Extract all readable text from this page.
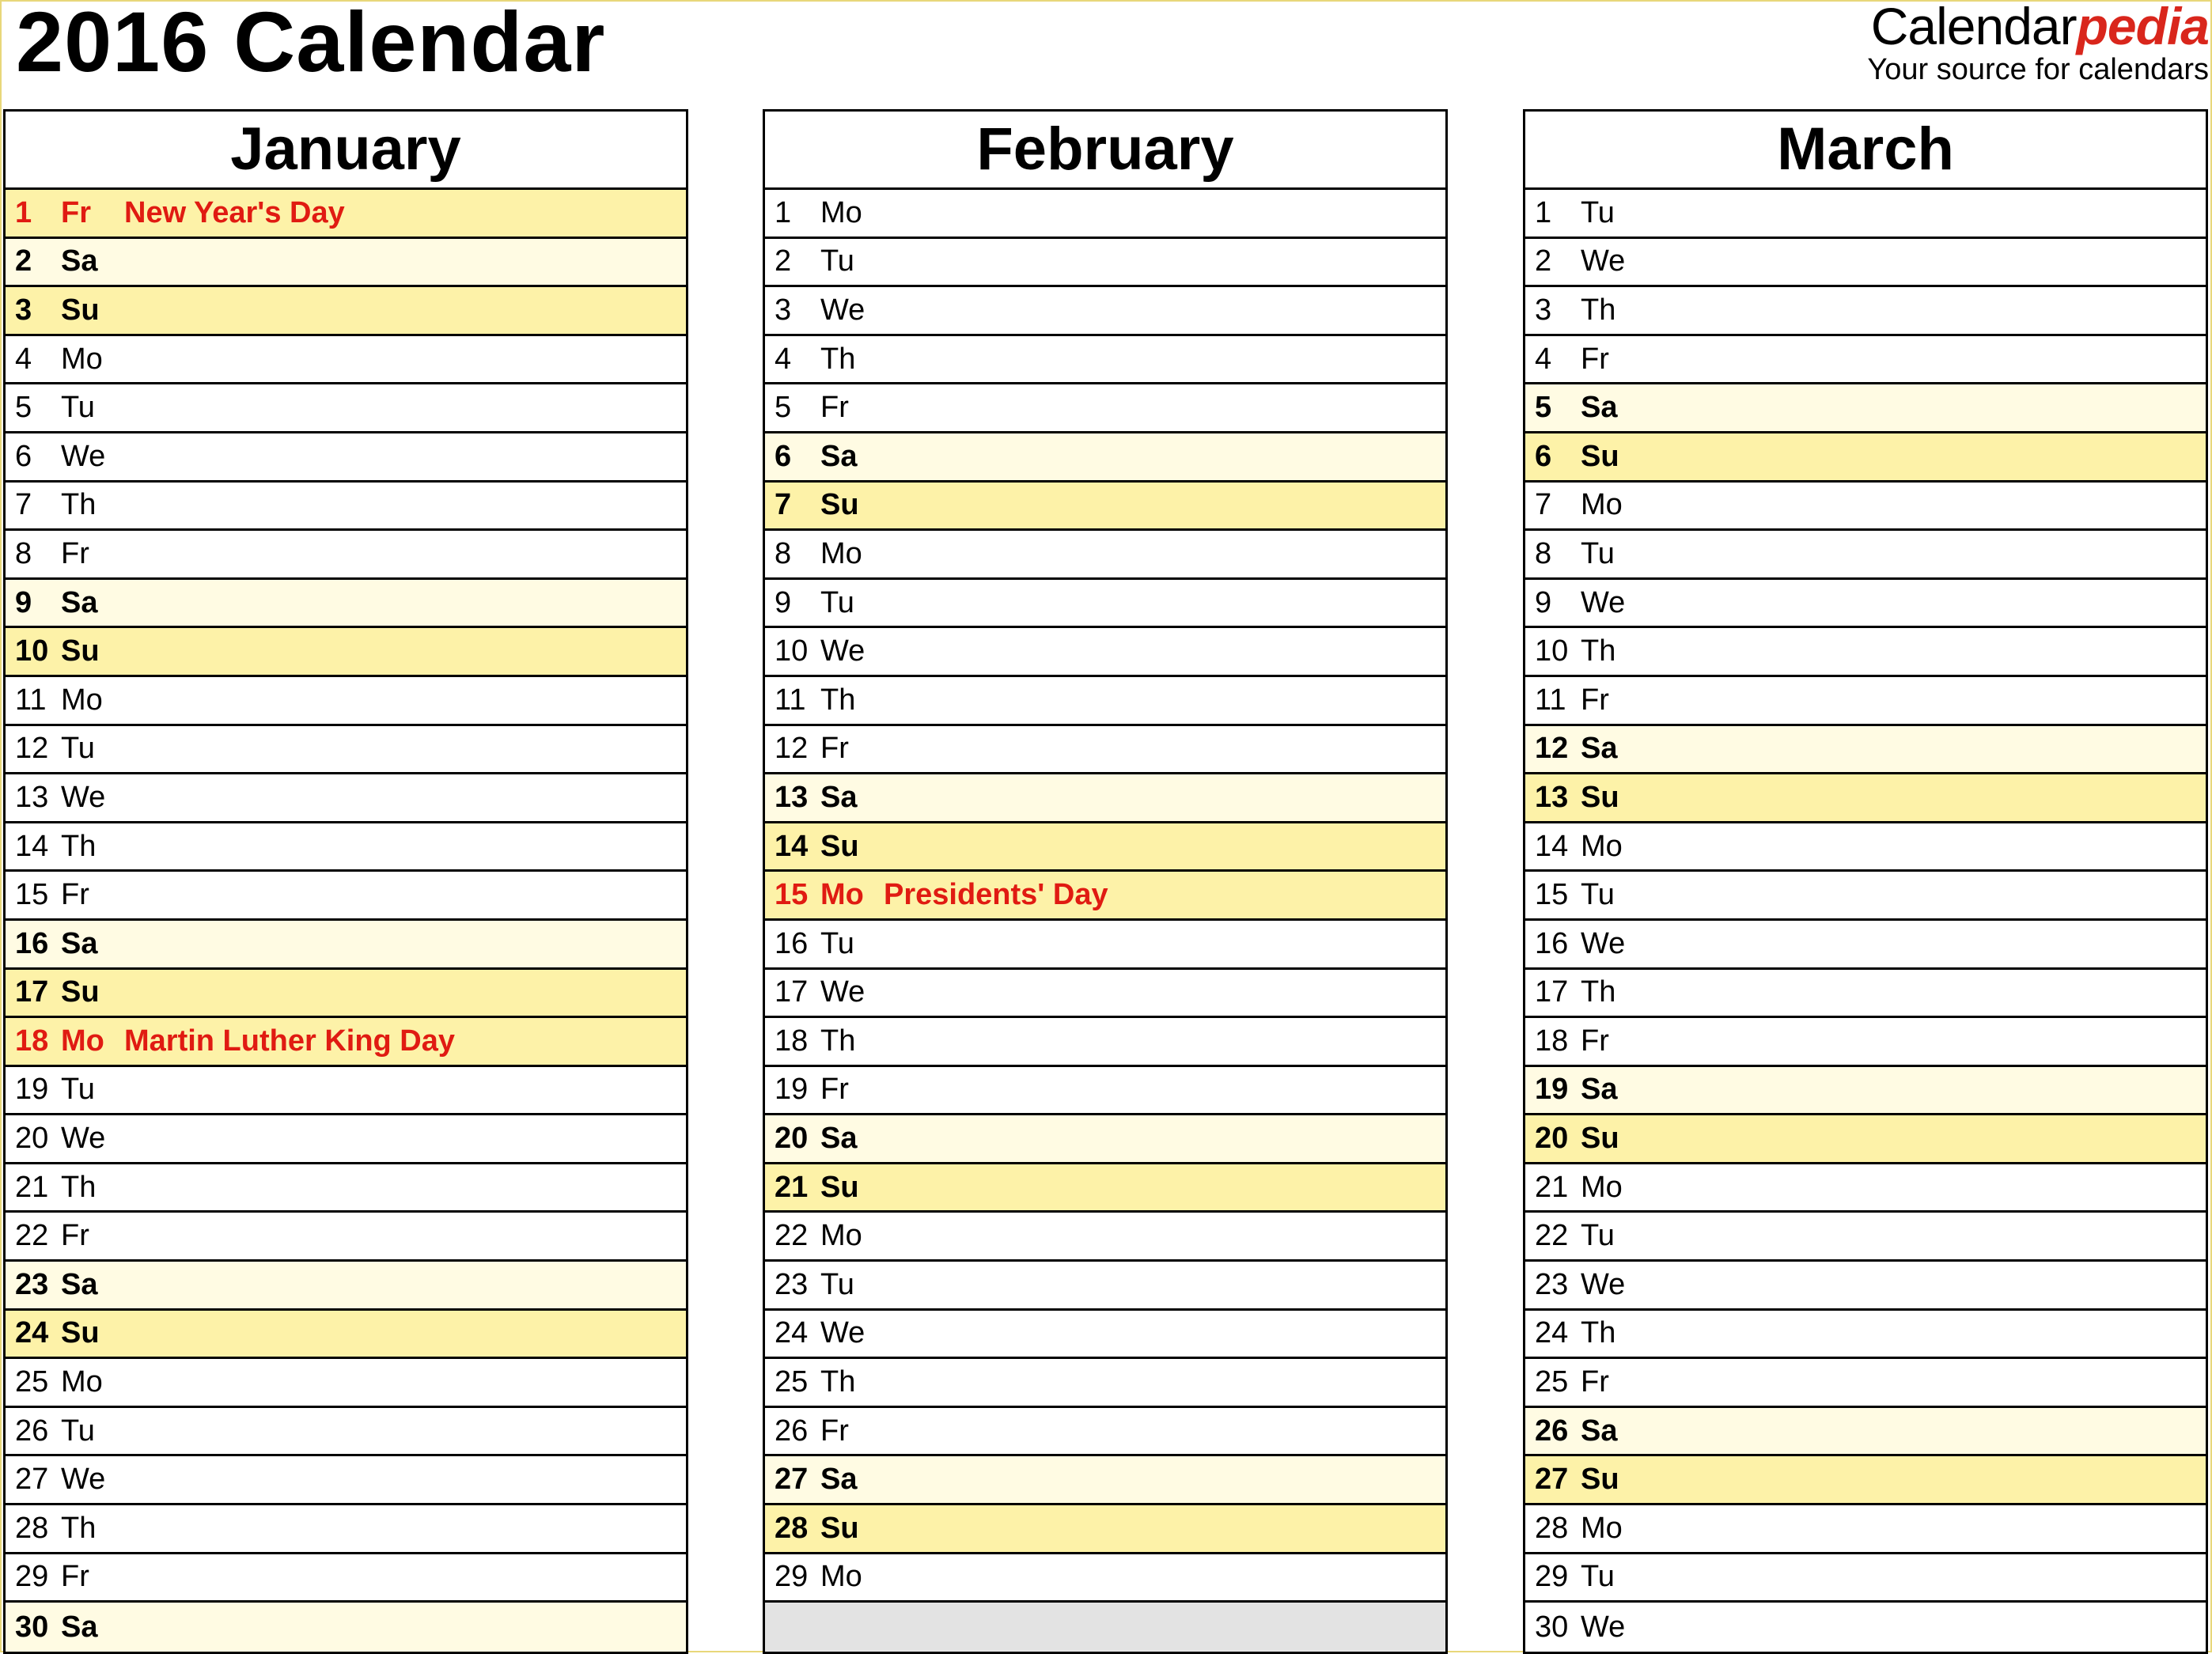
2016 Calendar	Calendarpedia
Your source for calendars
January
1 Fr	New Year's Day
2 Sa
3 Su
4 Mo
5 Tu
6 We
7 Th
8 Fr
9 Sa
10 Su
11 Mo
12 Tu
13 We
14 Th
15 Fr
16 Sa
17 Su
18 Mo Martin Luther King Day
19 Tu
20 We
21 Th
22 Fr
23 Sa
24 Su
25 Mo
26 Tu
27 We
28 Th
29 Fr
30 Sa
February
1 Mo
2 Tu
3 We
4 Th
5 Fr
6 Sa
7 Su
8 Mo
9 Tu
10 We
11 Th
12 Fr
13 Sa
14 Su
15 Mo Presidents' Day
16 Tu
17 We
18 Th
19 Fr
20 Sa
21 Su
22 Mo
23 Tu
24 We
25 Th
26 Fr
27 Sa
28 Su
29 Mo
March
1 Tu
2 We
3 Th
4 Fr
5 Sa
6 Su
7 Mo
8 Tu
9 We
10 Th
11 Fr
12 Sa
13 Su
14 Mo
15 Tu
16 We
17 Th
18 Fr
19 Sa
20 Su
21 Mo
22 Tu
23 We
24 Th
25 Fr
26 Sa
27 Su
28 Mo
29 Tu
30 We
